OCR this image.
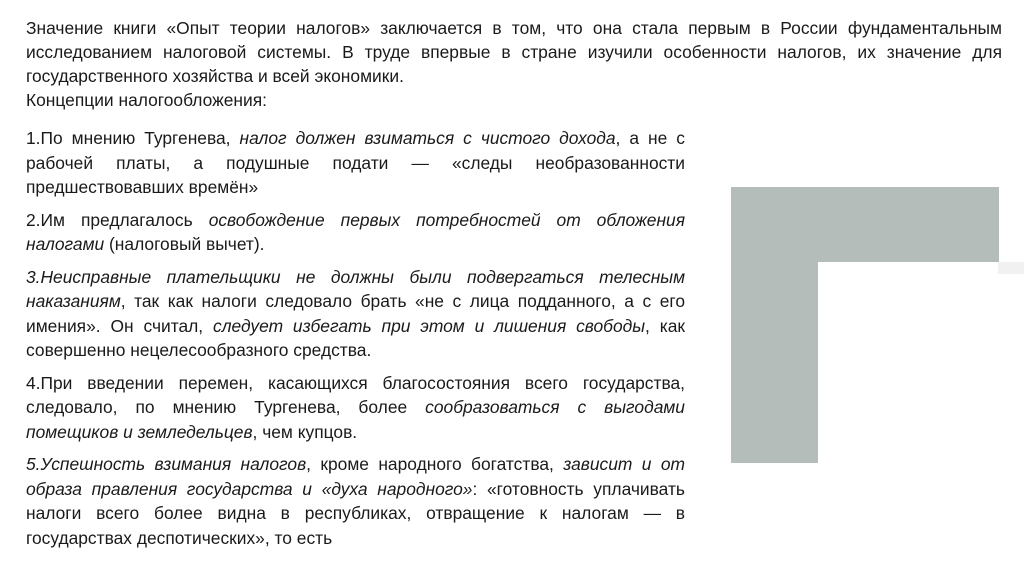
Значение книги «Опыт теории налогов» заключается в том, что она стала первым в России фундаментальным исследованием налоговой системы. В труде впервые в стране изучили особенности налогов, их значение для государственного хозяйства и всей экономики.

Концепции налогообложения:

1.По мнению Тургенева, налог должен взиматься с чистого дохода, а не с рабочей платы, а подушные подати — «следы необразованности предшествовавших времён»

2.Им предлагалось освобождение первых потребностей от обложения налогами (налоговый вычет).

3.Неисправные плательщики не должны были подвергаться телесным наказаниям, так как налоги следовало брать «не с лица подданного, а с его имения». Он считал, следует избегать при этом и лишения свободы, как совершенно нецелесообразного средства.

4.При введении перемен, касающихся благосостояния всего государства, следовало, по мнению Тургенева, более сообразоваться с выгодами помещиков и земледельцев, чем купцов.

5.Успешность взимания налогов, кроме народного богатства, зависит и от образа правления государства и «духа народного»: «готовность уплачивать налоги всего более видна в республиках, отвращение к налогам — в государствах деспотических», то есть
